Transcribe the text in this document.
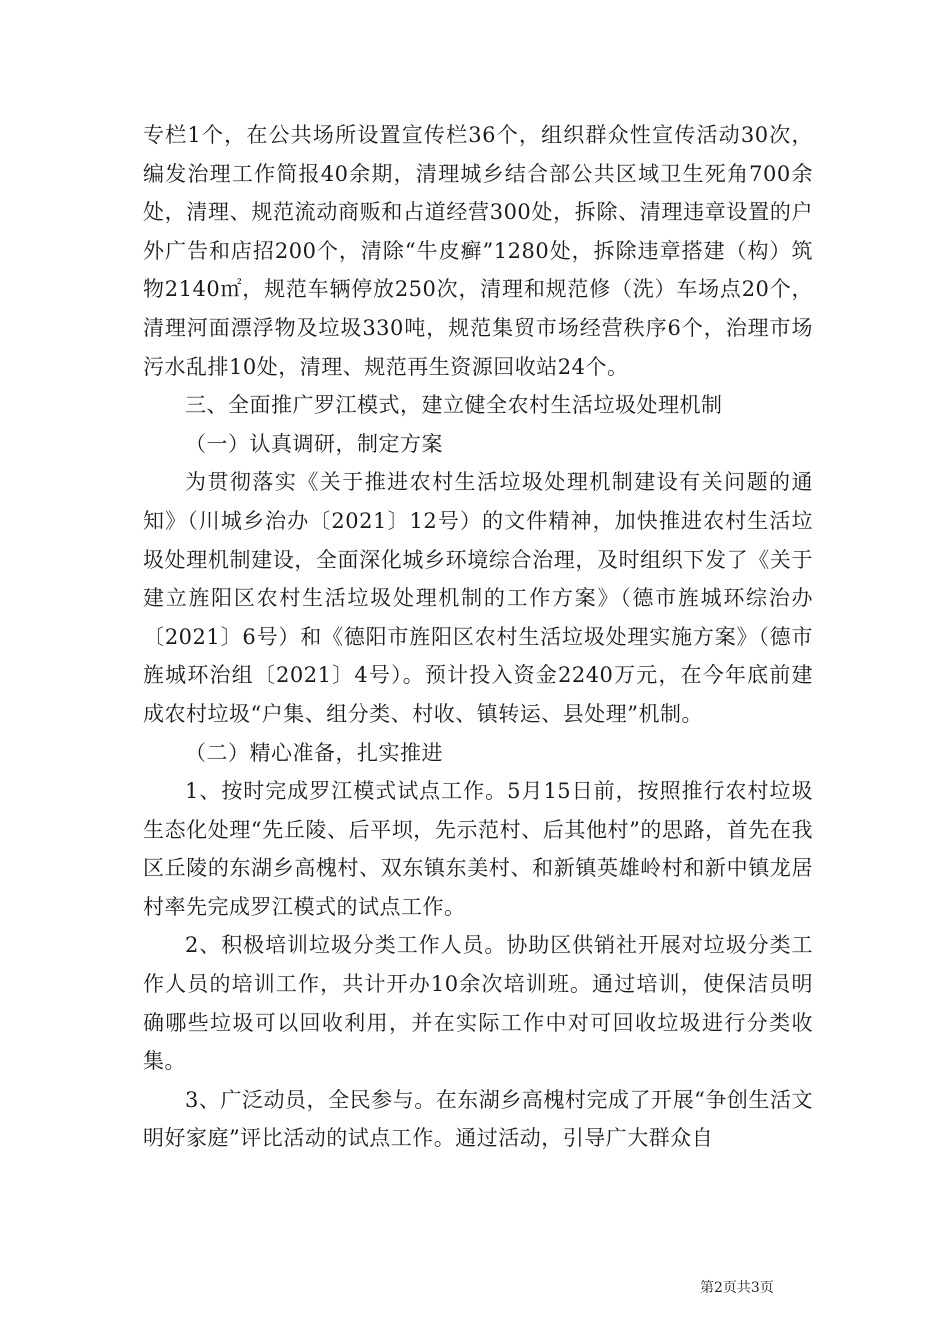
专栏1个，在公共场所设置宣传栏36个，组织群众性宣传活动30次，编发治理工作简报40余期，清理城乡结合部公共区域卫生死角700余处，清理、规范流动商贩和占道经营300处，拆除、清理违章设置的户外广告和店招200个，清除“牛皮癣”1280处，拆除违章搭建（构）筑物2140㎡，规范车辆停放250次，清理和规范修（洗）车场点20个，清理河面漂浮物及垃圾330吨，规范集贸市场经营秩序6个，治理市场污水乱排10处，清理、规范再生资源回收站24个。

三、全面推广罗江模式，建立健全农村生活垃圾处理机制

（一）认真调研，制定方案

为贯彻落实《关于推进农村生活垃圾处理机制建设有关问题的通知》（川城乡治办〔2021〕12号）的文件精神，加快推进农村生活垃圾处理机制建设，全面深化城乡环境综合治理，及时组织下发了《关于建立旌阳区农村生活垃圾处理机制的工作方案》（德市旌城环综治办〔2021〕6号）和《德阳市旌阳区农村生活垃圾处理实施方案》（德市旌城环治组〔2021〕4号）。预计投入资金2240万元，在今年底前建成农村垃圾“户集、组分类、村收、镇转运、县处理”机制。

（二）精心准备，扎实推进

1、按时完成罗江模式试点工作。5月15日前，按照推行农村垃圾生态化处理“先丘陵、后平坝，先示范村、后其他村”的思路，首先在我区丘陵的东湖乡高槐村、双东镇东美村、和新镇英雄岭村和新中镇龙居村率先完成罗江模式的试点工作。

2、积极培训垃圾分类工作人员。协助区供销社开展对垃圾分类工作人员的培训工作，共计开办10余次培训班。通过培训，使保洁员明确哪些垃圾可以回收利用，并在实际工作中对可回收垃圾进行分类收集。

3、广泛动员，全民参与。在东湖乡高槐村完成了开展“争创生活文明好家庭”评比活动的试点工作。通过活动，引导广大群众自

第2页共3页
